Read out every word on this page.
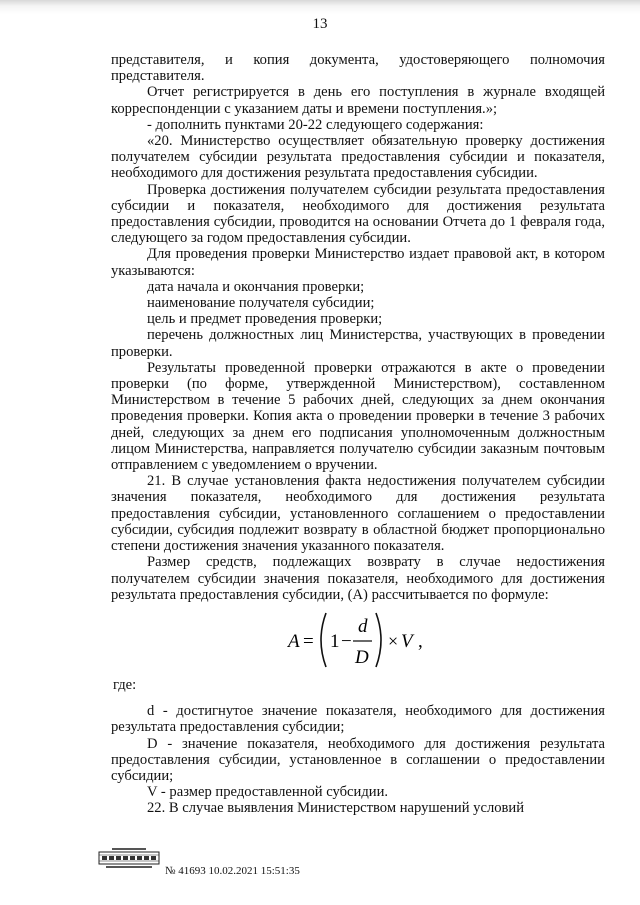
13

представителя, и копия документа, удостоверяющего полномочия представителя.

Отчет регистрируется в день его поступления в журнале входящей корреспонденции с указанием даты и времени поступления.»;

- дополнить пунктами 20-22 следующего содержания:

«20. Министерство осуществляет обязательную проверку достижения получателем субсидии результата предоставления субсидии и показателя, необходимого для достижения результата предоставления субсидии.

Проверка достижения получателем субсидии результата предоставления субсидии и показателя, необходимого для достижения результата предоставления субсидии, проводится на основании Отчета до 1 февраля года, следующего за годом предоставления субсидии.

Для проведения проверки Министерство издает правовой акт, в котором указываются:

дата начала и окончания проверки;

наименование получателя субсидии;

цель и предмет проведения проверки;

перечень должностных лиц Министерства, участвующих в проведении проверки.

Результаты проведенной проверки отражаются в акте о проведении проверки (по форме, утвержденной Министерством), составленном Министерством в течение 5 рабочих дней, следующих за днем окончания проведения проверки. Копия акта о проведении проверки в течение 3 рабочих дней, следующих за днем его подписания уполномоченным должностным лицом Министерства, направляется получателю субсидии заказным почтовым отправлением с уведомлением о вручении.

21. В случае установления факта недостижения получателем субсидии значения показателя, необходимого для достижения результата предоставления субсидии, установленного соглашением о предоставлении субсидии, субсидия подлежит возврату в областной бюджет пропорционально степени достижения значения указанного показателя.

Размер средств, подлежащих возврату в случае недостижения получателем субсидии значения показателя, необходимого для достижения результата предоставления субсидии, (A) рассчитывается по формуле:

A = 1 −
d
D
× V ,

где:

d - достигнутое значение показателя, необходимого для достижения результата предоставления субсидии;

D - значение показателя, необходимого для достижения результата предоставления субсидии, установленное в соглашении о предоставлении субсидии;

V - размер предоставленной субсидии.

22. В случае выявления Министерством нарушений условий

№ 41693 10.02.2021 15:51:35
